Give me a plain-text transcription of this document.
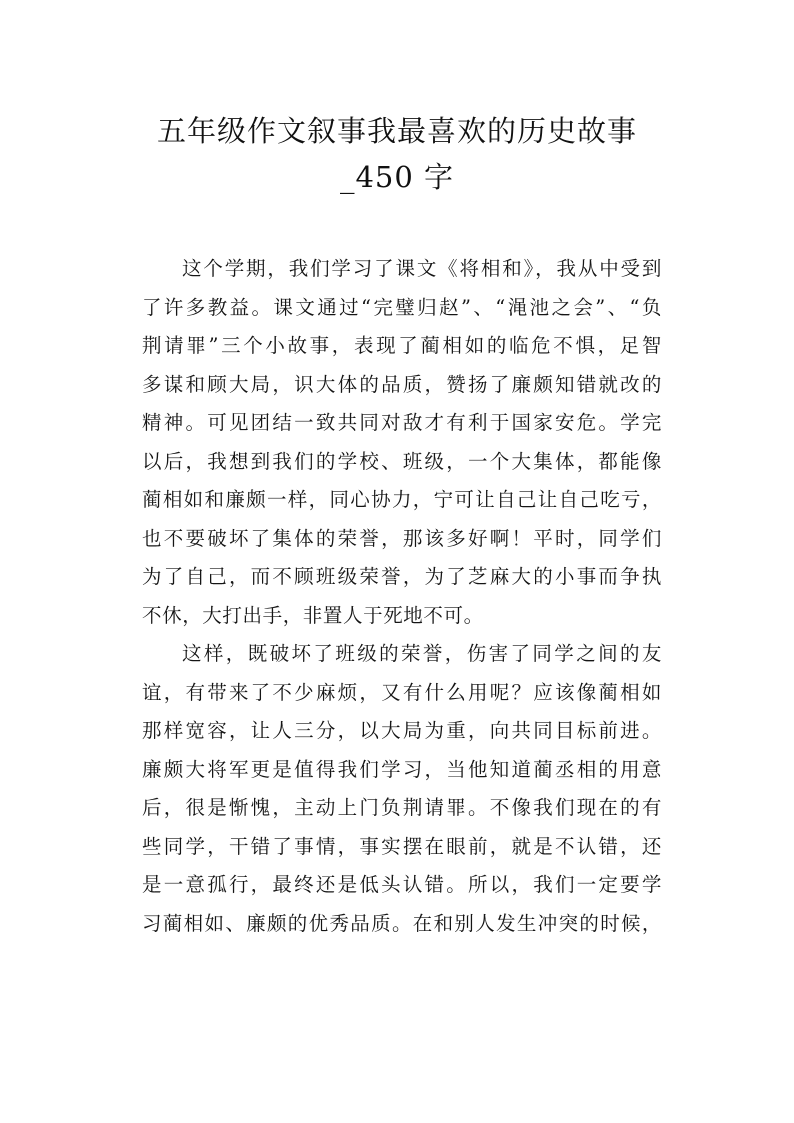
五年级作文叙事我最喜欢的历史故事
_450 字
这个学期，我们学习了课文《将相和》，我从中受到
了许多教益。课文通过“完璧归赵”、“渑池之会”、“负
荆请罪”三个小故事，表现了蔺相如的临危不惧，足智
多谋和顾大局，识大体的品质，赞扬了廉颇知错就改的
精神。可见团结一致共同对敌才有利于国家安危。学完
以后，我想到我们的学校、班级，一个大集体，都能像
蔺相如和廉颇一样，同心协力，宁可让自己让自己吃亏，
也不要破坏了集体的荣誉，那该多好啊！平时，同学们
为了自己，而不顾班级荣誉，为了芝麻大的小事而争执
不休，大打出手，非置人于死地不可。
这样，既破坏了班级的荣誉，伤害了同学之间的友
谊，有带来了不少麻烦，又有什么用呢？应该像蔺相如
那样宽容，让人三分，以大局为重，向共同目标前进。
廉颇大将军更是值得我们学习，当他知道蔺丞相的用意
后，很是惭愧，主动上门负荆请罪。不像我们现在的有
些同学，干错了事情，事实摆在眼前，就是不认错，还
是一意孤行，最终还是低头认错。所以，我们一定要学
习蔺相如、廉颇的优秀品质。在和别人发生冲突的时候，
